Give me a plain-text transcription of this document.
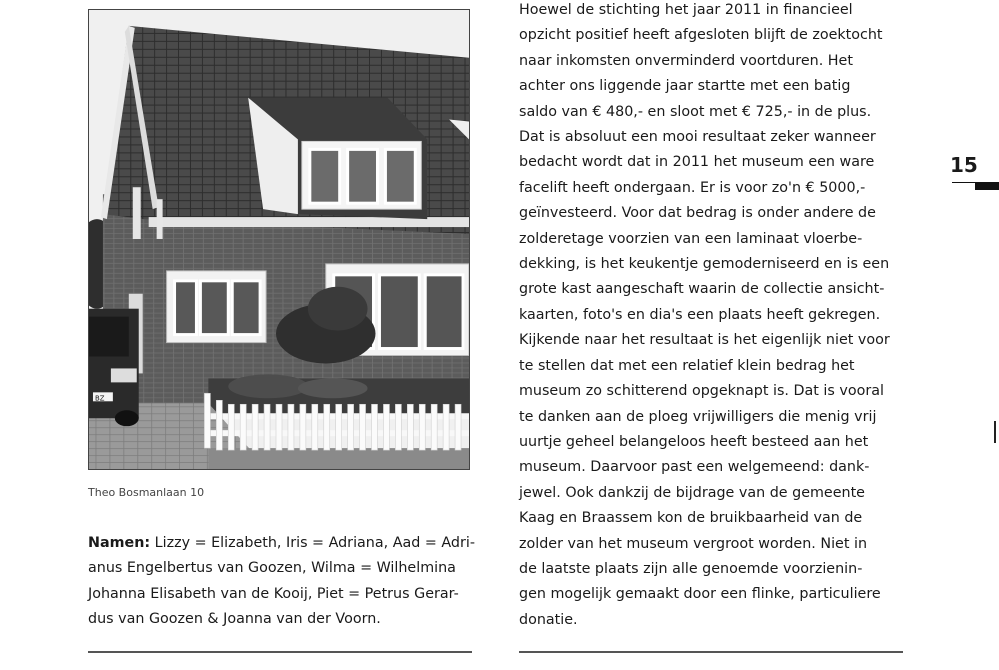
BZ
Theo Bosmanlaan 10
Namen: Lizzy = Elizabeth, Iris = Adriana, Aad = Adri-
anus Engelbertus van Goozen, Wilma = Wilhelmina
Johanna Elisabeth van de Kooij, Piet = Petrus Gerar-
dus van Goozen & Joanna van der Voorn.
Hoewel de stichting het jaar 2011 in financieel
opzicht positief heeft afgesloten blijft de zoektocht
naar inkomsten onverminderd voortduren. Het
achter ons liggende jaar startte met een batig
saldo van € 480,- en sloot met € 725,- in de plus.
Dat is absoluut een mooi resultaat zeker wanneer
bedacht wordt dat in 2011 het museum een ware
facelift heeft ondergaan. Er is voor zo'n € 5000,-
geïnvesteerd. Voor dat bedrag is onder andere de
zolderetage voorzien van een laminaat vloerbe-
dekking, is het keukentje gemoderniseerd en is een
grote kast aangeschaft waarin de collectie ansicht-
kaarten, foto's en dia's een plaats heeft gekregen.
Kijkende naar het resultaat is het eigenlijk niet voor
te stellen dat met een relatief klein bedrag het
museum zo schitterend opgeknapt is. Dat is vooral
te danken aan de ploeg vrijwilligers die menig vrij
uurtje geheel belangeloos heeft besteed aan het
museum. Daarvoor past een welgemeend: dank-
jewel. Ook dankzij de bijdrage van de gemeente
Kaag en Braassem kon de bruikbaarheid van de
zolder van het museum vergroot worden. Niet in
de laatste plaats zijn alle genoemde voorzienin-
gen mogelijk gemaakt door een flinke, particuliere
donatie.
15
